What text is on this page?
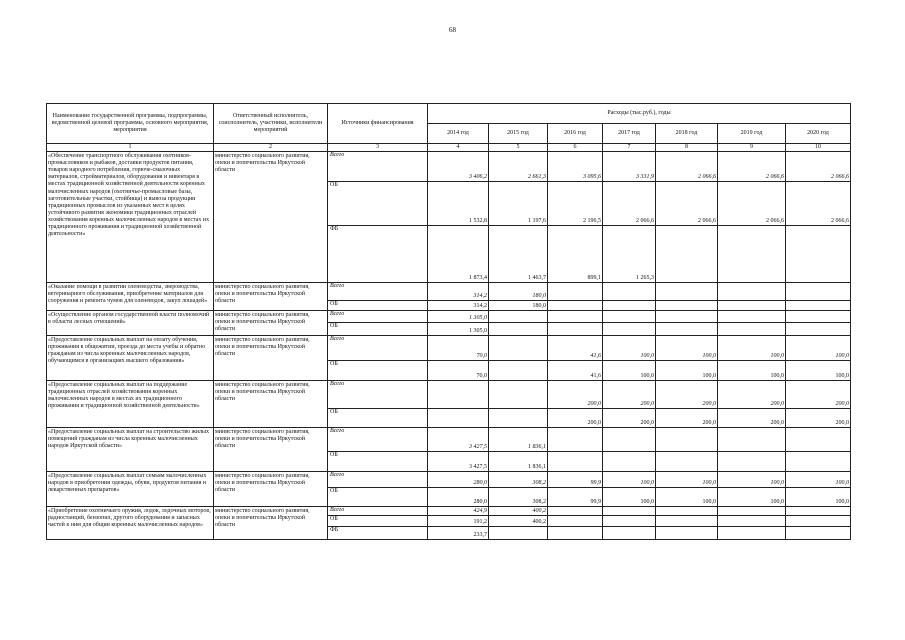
68
Наименование государственной программы, подпрограммы, ведомственной целевой программы, основного мероприятия, мероприятия	Ответственный исполнитель, соисполнитель, участники, исполнители мероприятий	Источники финансирования	Расходы (тыс.руб.), годы						
			2014 год	2015 год	2016 год	2017 год	2018 год	2019 год	2020 год
1	2	3	4	5	6	7	8	9	10

«Обеспечение транспортного обслуживания охотников-промысловиков и рыбаков, доставки продуктов питания, товаров народного потребления, горюче-смазочных материалов, стройматериалов, оборудования и инвентаря в местах традиционной хозяйственной деятельности коренных малочисленных народов (охотничье-промысловые базы, заготовительные участки, стойбища) и вывоза продукции традиционных промыслов из указанных мест в целях устойчивого развития экономики традиционных отраслей хозяйствования коренных малочисленных народов в местах их традиционного проживания и традиционной хозяйственной деятельности»	министерство социального развития, опеки и попечительства Иркутской области	Всего	3 406,2	2 661,3	3 095,6	3 331,9	2 066,6	2 066,6	2 066,6
		ОБ	1 532,8	1 197,6	2 196,5	2 066,6	2 066,6	2 066,6	2 066,6
		ФБ	1 873,4	1 463,7	899,1	1 265,3			

«Оказание помощи в развитии оленеводства, звероводства, ветеринарного обслуживания, приобретение материалов для сооружения и ремонта чумов для оленеводов, закуп лошадей»	министерство социального развития, опеки и попечительства Иркутской области	Всего	314,2	180,0					
		ОБ	314,2	180,0					

«Осуществление органом государственной власти полномочий в области лесных отношений»	министерство социального развития, опеки и попечительства Иркутской области	Всего	1 305,0						
		ОБ	1 305,0						

«Предоставление социальных выплат на оплату обучения, проживания в общежитии, проезда до места учебы и обратно гражданам из числа коренных малочисленных народов, обучающимся в организациях высшего образования»	министерство социального развития, опеки и попечительства Иркутской области	Всего	70,0		41,6	100,0	100,0	100,0	100,0
		ОБ	70,0		41,6	100,0	100,0	100,0	100,0

«Предоставление социальных выплат на поддержание традиционных отраслей хозяйствования коренных малочисленных народов в местах их традиционного проживания и традиционной хозяйственной деятельности»	министерство социального развития, опеки и попечительства Иркутской области	Всего			200,0	200,0	200,0	200,0	200,0
		ОБ			200,0	200,0	200,0	200,0	200,0

«Предоставление социальных выплат на строительство жилых помещений гражданам из числа коренных малочисленных народов Иркутской области»	министерство социального развития, опеки и попечительства Иркутской области	Всего	3 427,5	1 836,1					
		ОБ	3 427,5	1 836,1					

«Предоставление социальных выплат семьям малочисленных народов в приобретении одежды, обуви, продуктов питания и лекарственных препаратов»	министерство социального развития, опеки и попечительства Иркутской области	Всего	280,0	308,2	99,9	100,0	100,0	100,0	100,0
		ОБ	280,0	308,2	99,9	100,0	100,0	100,0	100,0

«Приобретение охотничьего оружия, лодок, лодочных моторов, радиостанций, бензопил, другого оборудования и запасных частей к ним для общин коренных малочисленных народов»	министерство социального развития, опеки и попечительства Иркутской области	Всего	424,9	400,2					
		ОБ	191,2	400,2					
		ФБ	233,7						
